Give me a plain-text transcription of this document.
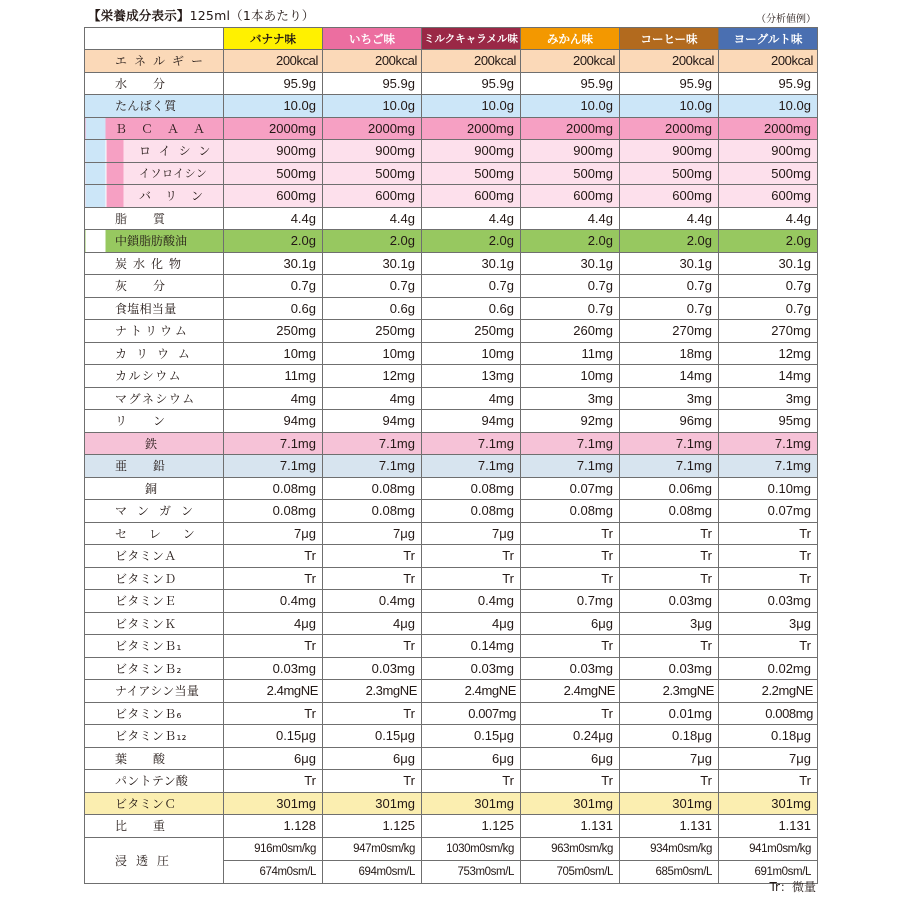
【栄養成分表示】125ml（1本あたり）	（分析値例）
	バナナ味	いちご味	ミルクキャラメル味	みかん味	コーヒー味	ヨーグルト味
エネルギー	200kcal	200kcal	200kcal	200kcal	200kcal	200kcal
水分	95.9g	95.9g	95.9g	95.9g	95.9g	95.9g
たんぱく質	10.0g	10.0g	10.0g	10.0g	10.0g	10.0g
ＢＣＡＡ	2000mg	2000mg	2000mg	2000mg	2000mg	2000mg
ロイシン	900mg	900mg	900mg	900mg	900mg	900mg
イソロイシン	500mg	500mg	500mg	500mg	500mg	500mg
バリン	600mg	600mg	600mg	600mg	600mg	600mg
脂質	4.4g	4.4g	4.4g	4.4g	4.4g	4.4g
中鎖脂肪酸油	2.0g	2.0g	2.0g	2.0g	2.0g	2.0g
炭水化物	30.1g	30.1g	30.1g	30.1g	30.1g	30.1g
灰分	0.7g	0.7g	0.7g	0.7g	0.7g	0.7g
食塩相当量	0.6g	0.6g	0.6g	0.7g	0.7g	0.7g
ナトリウム	250mg	250mg	250mg	260mg	270mg	270mg
カリウム	10mg	10mg	10mg	11mg	18mg	12mg
カルシウム	11mg	12mg	13mg	10mg	14mg	14mg
マグネシウム	4mg	4mg	4mg	3mg	3mg	3mg
リン	94mg	94mg	94mg	92mg	96mg	95mg
鉄	7.1mg	7.1mg	7.1mg	7.1mg	7.1mg	7.1mg
亜鉛	7.1mg	7.1mg	7.1mg	7.1mg	7.1mg	7.1mg
銅	0.08mg	0.08mg	0.08mg	0.07mg	0.06mg	0.10mg
マンガン	0.08mg	0.08mg	0.08mg	0.08mg	0.08mg	0.07mg
セレン	7μg	7μg	7μg	Tr	Tr	Tr
ビタミンＡ	Tr	Tr	Tr	Tr	Tr	Tr
ビタミンＤ	Tr	Tr	Tr	Tr	Tr	Tr
ビタミンＥ	0.4mg	0.4mg	0.4mg	0.7mg	0.03mg	0.03mg
ビタミンＫ	4μg	4μg	4μg	6μg	3μg	3μg
ビタミンＢ₁	Tr	Tr	0.14mg	Tr	Tr	Tr
ビタミンＢ₂	0.03mg	0.03mg	0.03mg	0.03mg	0.03mg	0.02mg
ナイアシン当量	2.4mgNE	2.3mgNE	2.4mgNE	2.4mgNE	2.3mgNE	2.2mgNE
ビタミンＢ₆	Tr	Tr	0.007mg	Tr	0.01mg	0.008mg
ビタミンＢ₁₂	0.15μg	0.15μg	0.15μg	0.24μg	0.18μg	0.18μg
葉酸	6μg	6μg	6μg	6μg	7μg	7μg
パントテン酸	Tr	Tr	Tr	Tr	Tr	Tr
ビタミンＣ	301mg	301mg	301mg	301mg	301mg	301mg
比重	1.128	1.125	1.125	1.131	1.131	1.131
浸透圧	916m0sm/kg	947m0sm/kg	1030m0sm/kg	963m0sm/kg	934m0sm/kg	941m0sm/kg
	674m0sm/L	694m0sm/L	753m0sm/L	705m0sm/L	685m0sm/L	691m0sm/L
Tr：微量
